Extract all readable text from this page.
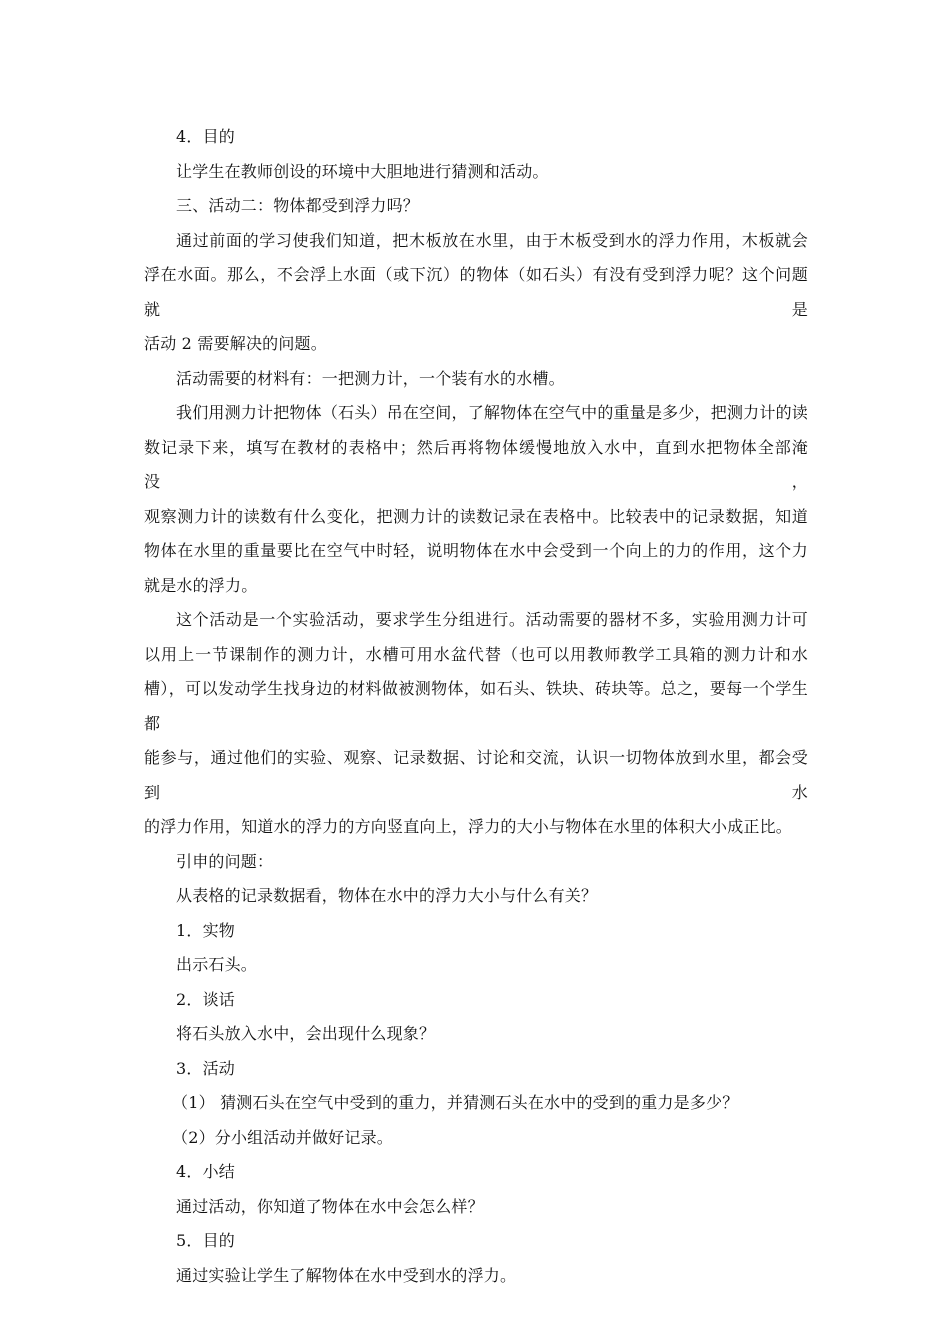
4．目的
让学生在教师创设的环境中大胆地进行猜测和活动。
三、活动二：物体都受到浮力吗？
通过前面的学习使我们知道，把木板放在水里，由于木板受到水的浮力作用，木板就会
浮在水面。那么，不会浮上水面（或下沉）的物体（如石头）有没有受到浮力呢？这个问题就是
活动 2 需要解决的问题。
活动需要的材料有：一把测力计，一个装有水的水槽。
我们用测力计把物体（石头）吊在空间，了解物体在空气中的重量是多少，把测力计的读
数记录下来，填写在教材的表格中；然后再将物体缓慢地放入水中，直到水把物体全部淹没，
观察测力计的读数有什么变化，把测力计的读数记录在表格中。比较表中的记录数据，知道
物体在水里的重量要比在空气中时轻，说明物体在水中会受到一个向上的力的作用，这个力
就是水的浮力。
这个活动是一个实验活动，要求学生分组进行。活动需要的器材不多，实验用测力计可
以用上一节课制作的测力计，水槽可用水盆代替（也可以用教师教学工具箱的测力计和水
槽），可以发动学生找身边的材料做被测物体，如石头、铁块、砖块等。总之，要每一个学生都
能参与，通过他们的实验、观察、记录数据、讨论和交流，认识一切物体放到水里，都会受到水
的浮力作用，知道水的浮力的方向竖直向上，浮力的大小与物体在水里的体积大小成正比。
引申的问题：
从表格的记录数据看，物体在水中的浮力大小与什么有关？
1．实物
出示石头。
2．谈话
将石头放入水中，会出现什么现象？
3．活动
（1） 猜测石头在空气中受到的重力，并猜测石头在水中的受到的重力是多少？
（2）分小组活动并做好记录。
4．小结
通过活动，你知道了物体在水中会怎么样？
5．目的
通过实验让学生了解物体在水中受到水的浮力。
